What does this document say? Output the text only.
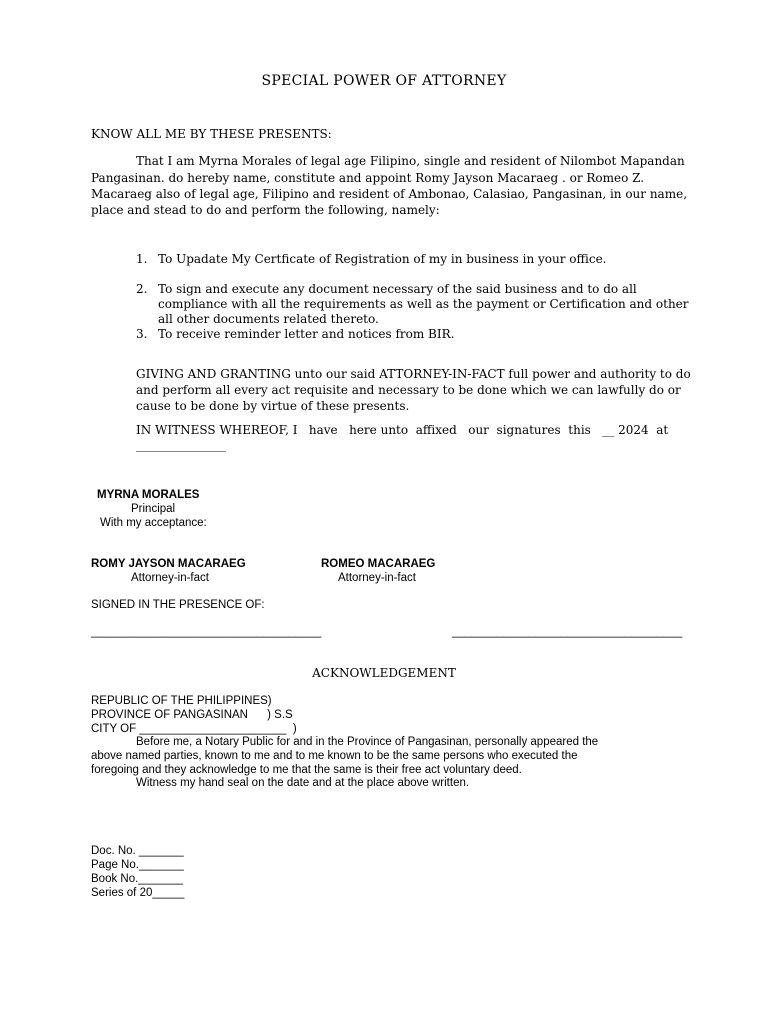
SPECIAL POWER OF ATTORNEY
KNOW ALL ME BY THESE PRESENTS:
That I am Myrna Morales of legal age Filipino, single and resident of Nilombot Mapandan
Pangasinan. do hereby name, constitute and appoint Romy Jayson Macaraeg . or Romeo Z.
Macaraeg also of legal age, Filipino and resident of Ambonao, Calasiao, Pangasinan, in our name,
place and stead to do and perform the following, namely:
1. To Upadate My Certficate of Registration of my in business in your office.
2. To sign and execute any document necessary of the said business and to do all
compliance with all the requirements as well as the payment or Certification and other
all other documents related thereto.
3. To receive reminder letter and notices from BIR.
GIVING AND GRANTING unto our said ATTORNEY-IN-FACT full power and authority to do
and perform all every act requisite and necessary to be done which we can lawfully do or
cause to be done by virtue of these presents.
IN WITNESS WHEREOF, I   have   here unto  affixed   our  signatures  this   __ 2024  at
_______________
MYRNA MORALES
Principal
With my acceptance:
ROMY JAYSON MACARAEG
Attorney-in-fact
ROMEO MACARAEG
Attorney-in-fact
SIGNED IN THE PRESENCE OF:
____________________________________	____________________________________
ACKNOWLEDGEMENT
REPUBLIC OF THE PHILIPPINES)
PROVINCE OF PANGASINAN      ) S.S
CITY OF _______________________  )
Before me, a Notary Public for and in the Province of Pangasinan, personally appeared the
above named parties, known to me and to me known to be the same persons who executed the
foregoing and they acknowledge to me that the same is their free act voluntary deed.
Witness my hand seal on the date and at the place above written.
Doc. No. _______
Page No._______
Book No._______
Series of 20_____
